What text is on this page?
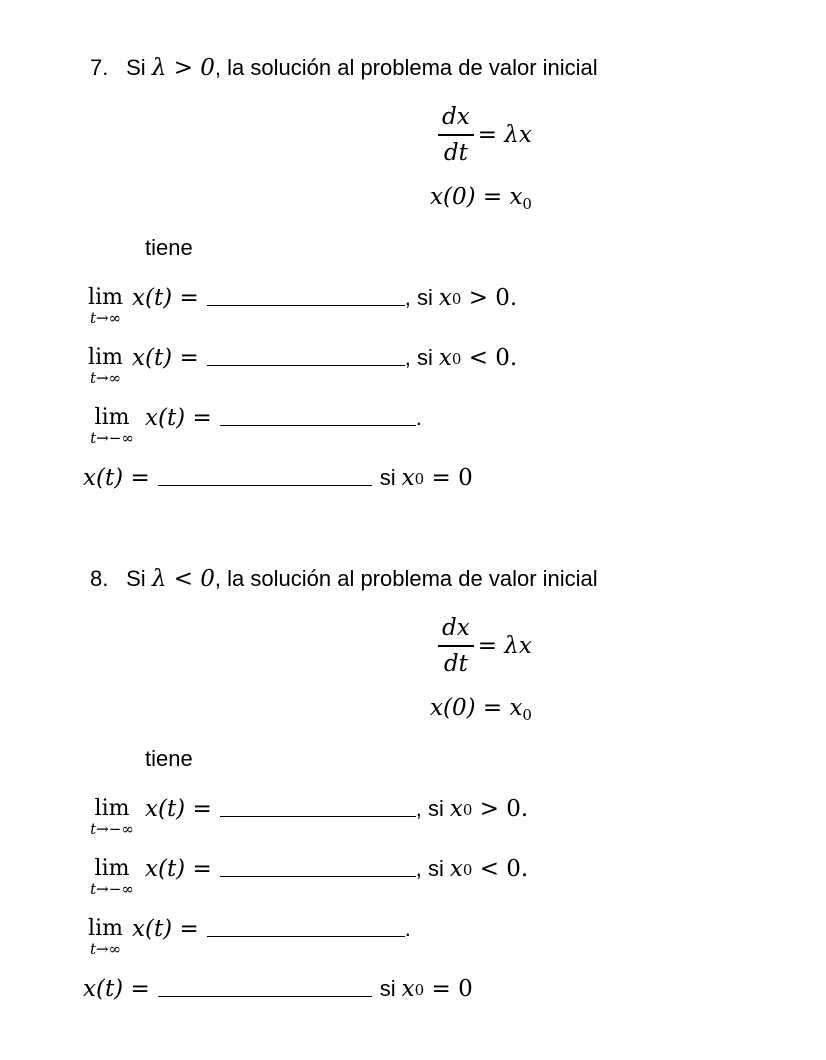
7. Si λ > 0, la solución al problema de valor inicial
$\frac{dx}{dt} = \lambda x$
$x(0) = x_0$
tiene
lim
t→∞
x(t) =	, si x 0 > 0.
lim
t→∞
x(t) =	, si x 0 < 0.
lim
t→−∞
x(t) =	.
x(t) =	si x 0 = 0
8. Si λ < 0, la solución al problema de valor inicial
$\frac{dx}{dt} = \lambda x$
$x(0) = x_0$
tiene
lim
t→−∞
x(t) =	, si x 0 > 0.
lim
t→−∞
x(t) =	, si x 0 < 0.
lim
t→∞
x(t) =	.
x(t) =	si x 0 = 0
